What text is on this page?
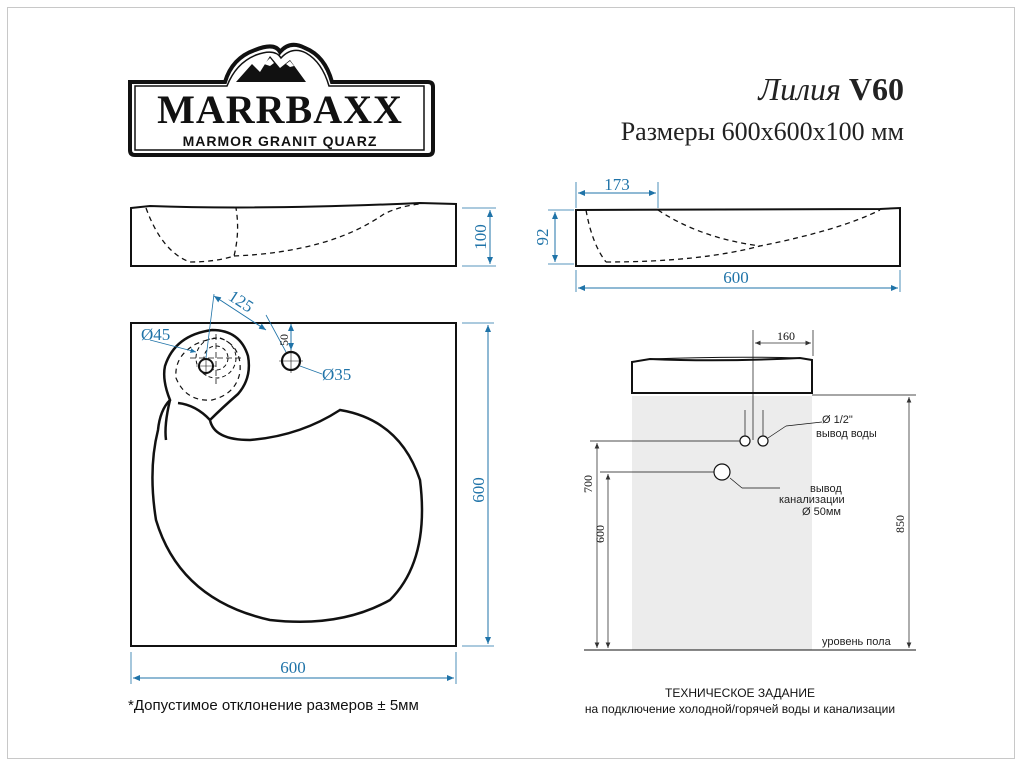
MARRBAXX
MARMOR GRANIT QUARZ
Лилия V60
Размеры 600х600х100 мм
100
173
92
600
125
Ø45	50
Ø35
600
600
160
Ø 1/2"
вывод воды
вывод
канализации
Ø 50мм
700
600
850
уровень пола
*Допустимое отклонение размеров ± 5мм
ТЕХНИЧЕСКОЕ ЗАДАНИЕ
на подключение холодной/горячей воды и канализации
